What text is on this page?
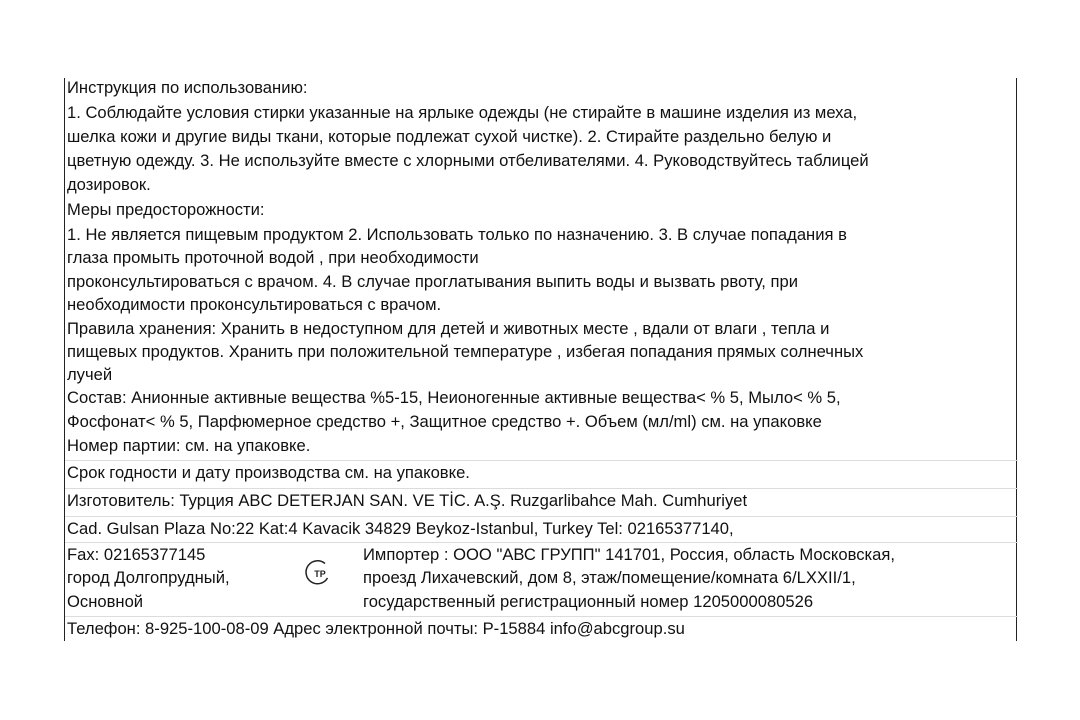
Инструкция по использованию:
1. Соблюдайте условия стирки указанные на ярлыке одежды (не стирайте в машине изделия из меха,
шелка кожи и другие виды ткани, которые подлежат сухой чистке). 2. Стирайте раздельно белую и
цветную одежду. 3. Не используйте вместе с хлорными отбеливателями. 4. Руководствуйтесь таблицей
дозировок.
Меры предосторожности:
1. Не является пищевым продуктом 2. Использовать только по назначению. 3. В случае попадания в
глаза промыть проточной водой , при необходимости
проконсультироваться с врачом. 4. В случае проглатывания выпить воды и вызвать рвоту, при
необходимости проконсультироваться с врачом.
Правила хранения: Хранить в недоступном для детей и животных месте , вдали от влаги , тепла и
пищевых продуктов. Хранить при положительной температуре , избегая попадания прямых солнечных
лучей
Состав: Анионные активные вещества %5-15, Неионогенные активные вещества< % 5, Мыло< % 5,
Фосфонат< % 5, Парфюмерное средство +, Защитное средство +. Объем (мл/ml) см. на упаковке
Номер партии: см. на упаковке.
Срок годности и дату производства см. на упаковке.
Изготовитель: Турция ABC DETERJAN SAN. VE TİC. A.Ş. Ruzgarlibahce Mah. Cumhuriyet
Cad. Gulsan Plaza No:22 Kat:4 Kavacik 34829 Beykoz-Istanbul, Turkey Tel: 02165377140,
Fax: 02165377145
город Долгопрудный,
Основной
TP
Импортер : ООО "АВС ГРУПП" 141701, Россия, область Московская,
проезд Лихачевский, дом 8, этаж/помещение/комната 6/LXXII/1,
государственный регистрационный номер 1205000080526
Телефон: 8-925-100-08-09 Адрес электронной почты: Р-15884 info@abcgroup.su
